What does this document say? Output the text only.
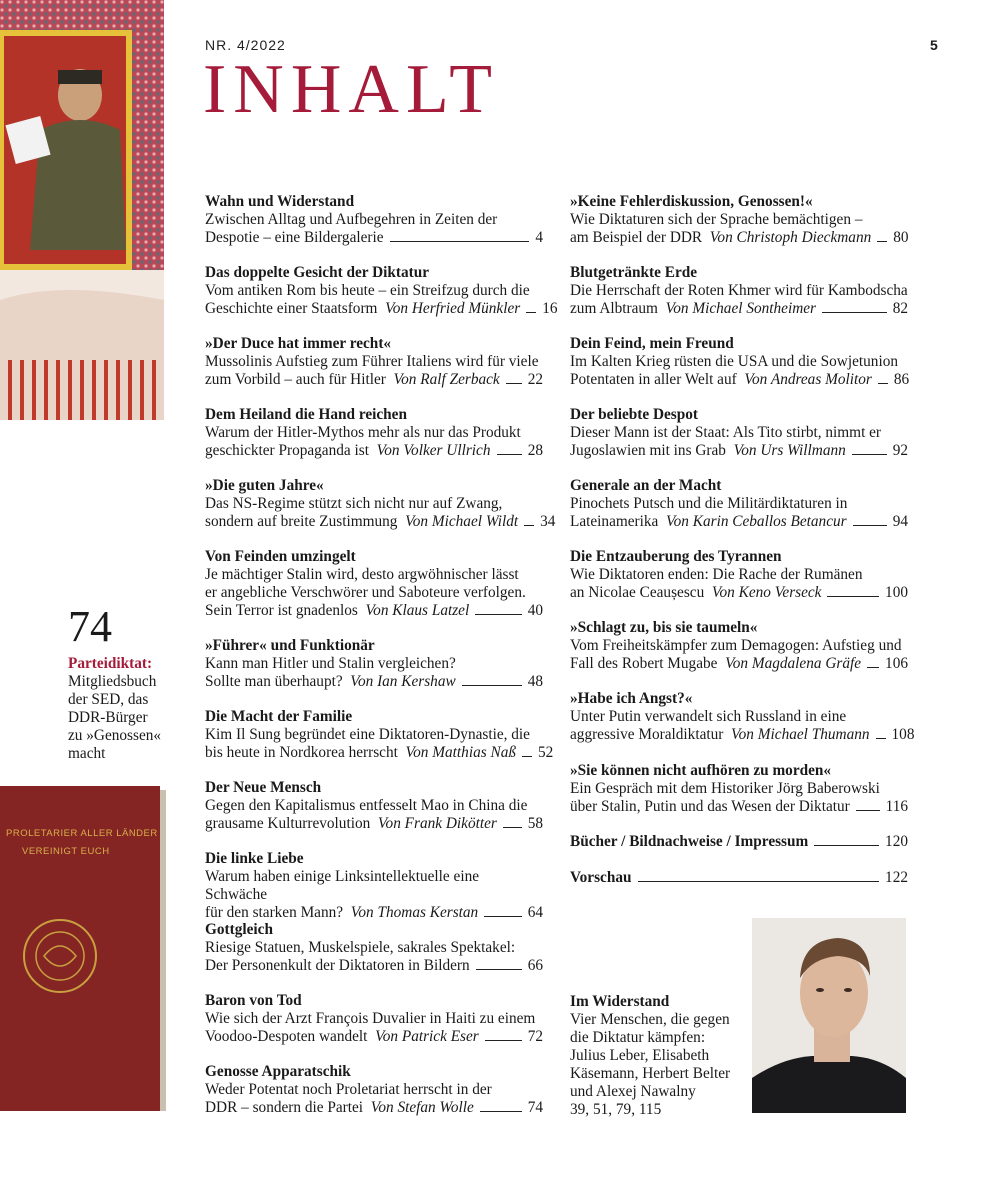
NR. 4/2022	5
INHALT
74
Parteidiktat:
Mitgliedsbuch
der SED, das
DDR-Bürger
zu »Genossen«
macht
PROLETARIER ALLER LÄNDER
VEREINIGT EUCH
Wahn und Widerstand
Zwischen Alltag und Aufbegehren in Zeiten der
Despotie – eine Bildergalerie	4
Das doppelte Gesicht der Diktatur
Vom antiken Rom bis heute – ein Streifzug durch die
Geschichte einer Staatsform
Von Herfried Münkler 16
»Der Duce hat immer recht«
Mussolinis Aufstieg zum Führer Italiens wird für viele
zum Vorbild – auch für Hitler
Von Ralf Zerback 22
Dem Heiland die Hand reichen
Warum der Hitler-Mythos mehr als nur das Produkt
geschickter Propaganda ist
Von Volker Ullrich 28
»Die guten Jahre«
Das NS-Regime stützt sich nicht nur auf Zwang,
sondern auf breite Zustimmung
Von Michael Wildt 34
Von Feinden umzingelt
Je mächtiger Stalin wird, desto argwöhnischer lässt
er angebliche Verschwörer und Saboteure verfolgen.
Sein Terror ist gnadenlos
Von Klaus Latzel	40
»Führer« und Funktionär
Kann man Hitler und Stalin vergleichen?
Sollte man überhaupt?
Von Ian Kershaw	48
Die Macht der Familie
Kim Il Sung begründet eine Diktatoren-Dynastie, die
bis heute in Nordkorea herrscht
Von Matthias Naß 52
Der Neue Mensch
Gegen den Kapitalismus entfesselt Mao in China die
grausame Kulturrevolution
Von Frank Dikötter 58
Die linke Liebe
Warum haben einige Linksintellektuelle eine Schwäche
für den starken Mann?
Von Thomas Kerstan	64
Gottgleich
Riesige Statuen, Muskelspiele, sakrales Spektakel:
Der Personenkult der Diktatoren in Bildern	66
Baron von Tod
Wie sich der Arzt François Duvalier in Haiti zu einem
Voodoo-Despoten wandelt
Von Patrick Eser	72
Genosse Apparatschik
Weder Potentat noch Proletariat herrscht in der
DDR – sondern die Partei
Von Stefan Wolle	74
»Keine Fehlerdiskussion, Genossen!«
Wie Diktaturen sich der Sprache bemächtigen –
am Beispiel der DDR
Von Christoph Dieckmann 80
Blutgetränkte Erde
Die Herrschaft der Roten Khmer wird für Kambodscha
zum Albtraum
Von Michael Sontheimer	82
Dein Feind, mein Freund
Im Kalten Krieg rüsten die USA und die Sowjetunion
Potentaten in aller Welt auf
Von Andreas Molitor 86
Der beliebte Despot
Dieser Mann ist der Staat: Als Tito stirbt, nimmt er
Jugoslawien mit ins Grab
Von Urs Willmann	92
Generale an der Macht
Pinochets Putsch und die Militärdiktaturen in
Lateinamerika
Von Karin Ceballos Betancur	94
Die Entzauberung des Tyrannen
Wie Diktatoren enden: Die Rache der Rumänen
an Nicolae Ceaușescu
Von Keno Verseck	100
»Schlagt zu, bis sie taumeln«
Vom Freiheitskämpfer zum Demagogen: Aufstieg und
Fall des Robert Mugabe
Von Magdalena Gräfe 106
»Habe ich Angst?«
Unter Putin verwandelt sich Russland in eine
aggressive Moraldiktatur
Von Michael Thumann 108
»Sie können nicht aufhören zu morden«
Ein Gespräch mit dem Historiker Jörg Baberowski
über Stalin, Putin und das Wesen der Diktatur 116
Bücher / Bildnachweise / Impressum	120
Vorschau	122
Im Widerstand
Vier Menschen, die gegen
die Diktatur kämpfen:
Julius Leber, Elisabeth
Käsemann, Herbert Belter
und Alexej Nawalny
39, 51, 79, 115
